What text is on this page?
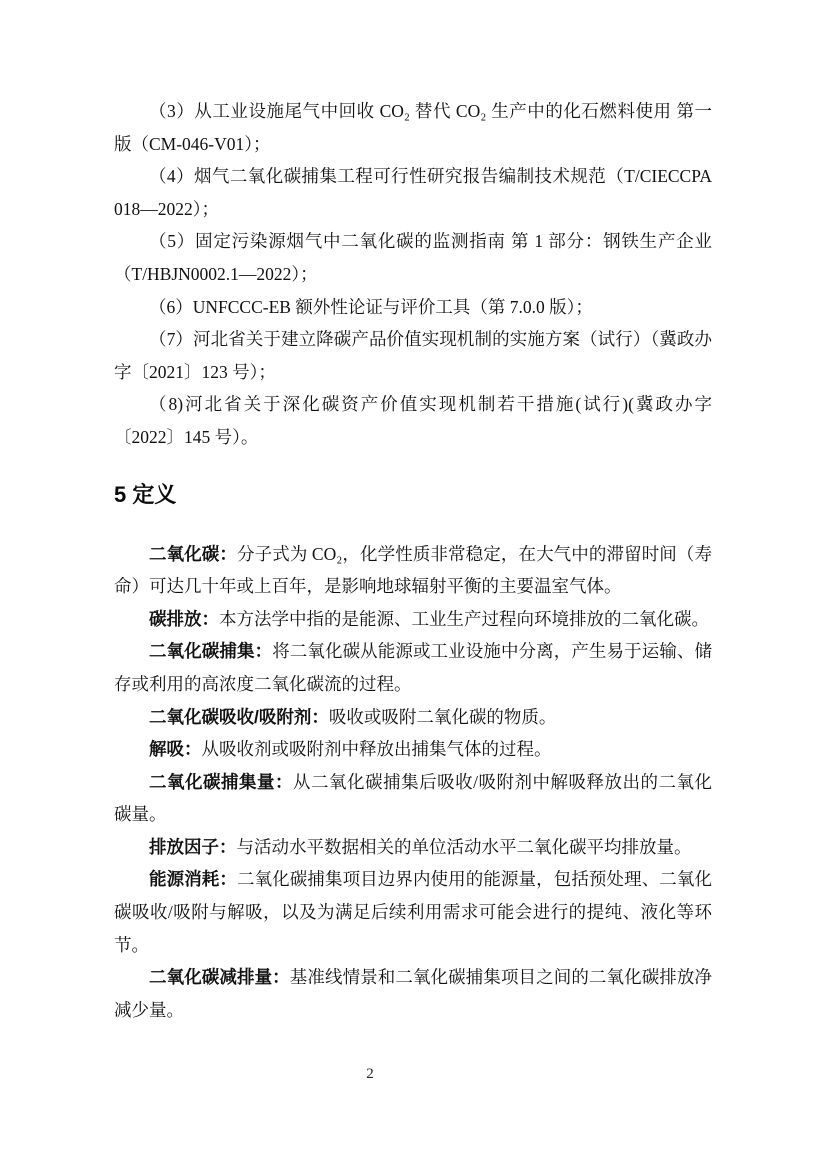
（3）从工业设施尾气中回收 CO₂ 替代 CO₂ 生产中的化石燃料使用 第一版（CM-046-V01）；

（4）烟气二氧化碳捕集工程可行性研究报告编制技术规范（T/CIECCPA 018—2022）；

（5）固定污染源烟气中二氧化碳的监测指南 第 1 部分：钢铁生产企业（T/HBJN0002.1—2022）；

（6）UNFCCC-EB 额外性论证与评价工具（第 7.0.0 版）；

（7）河北省关于建立降碳产品价值实现机制的实施方案（试行）（冀政办字〔2021〕123 号）；

（8)河北省关于深化碳资产价值实现机制若干措施(试行)(冀政办字〔2022〕145 号）。

5 定义

二氧化碳：分子式为 CO₂，化学性质非常稳定，在大气中的滞留时间（寿命）可达几十年或上百年，是影响地球辐射平衡的主要温室气体。

碳排放：本方法学中指的是能源、工业生产过程向环境排放的二氧化碳。

二氧化碳捕集：将二氧化碳从能源或工业设施中分离，产生易于运输、储存或利用的高浓度二氧化碳流的过程。

二氧化碳吸收/吸附剂：吸收或吸附二氧化碳的物质。

解吸：从吸收剂或吸附剂中释放出捕集气体的过程。

二氧化碳捕集量：从二氧化碳捕集后吸收/吸附剂中解吸释放出的二氧化碳量。

排放因子：与活动水平数据相关的单位活动水平二氧化碳平均排放量。

能源消耗：二氧化碳捕集项目边界内使用的能源量，包括预处理、二氧化碳吸收/吸附与解吸，以及为满足后续利用需求可能会进行的提纯、液化等环节。

二氧化碳减排量：基准线情景和二氧化碳捕集项目之间的二氧化碳排放净减少量。

2
